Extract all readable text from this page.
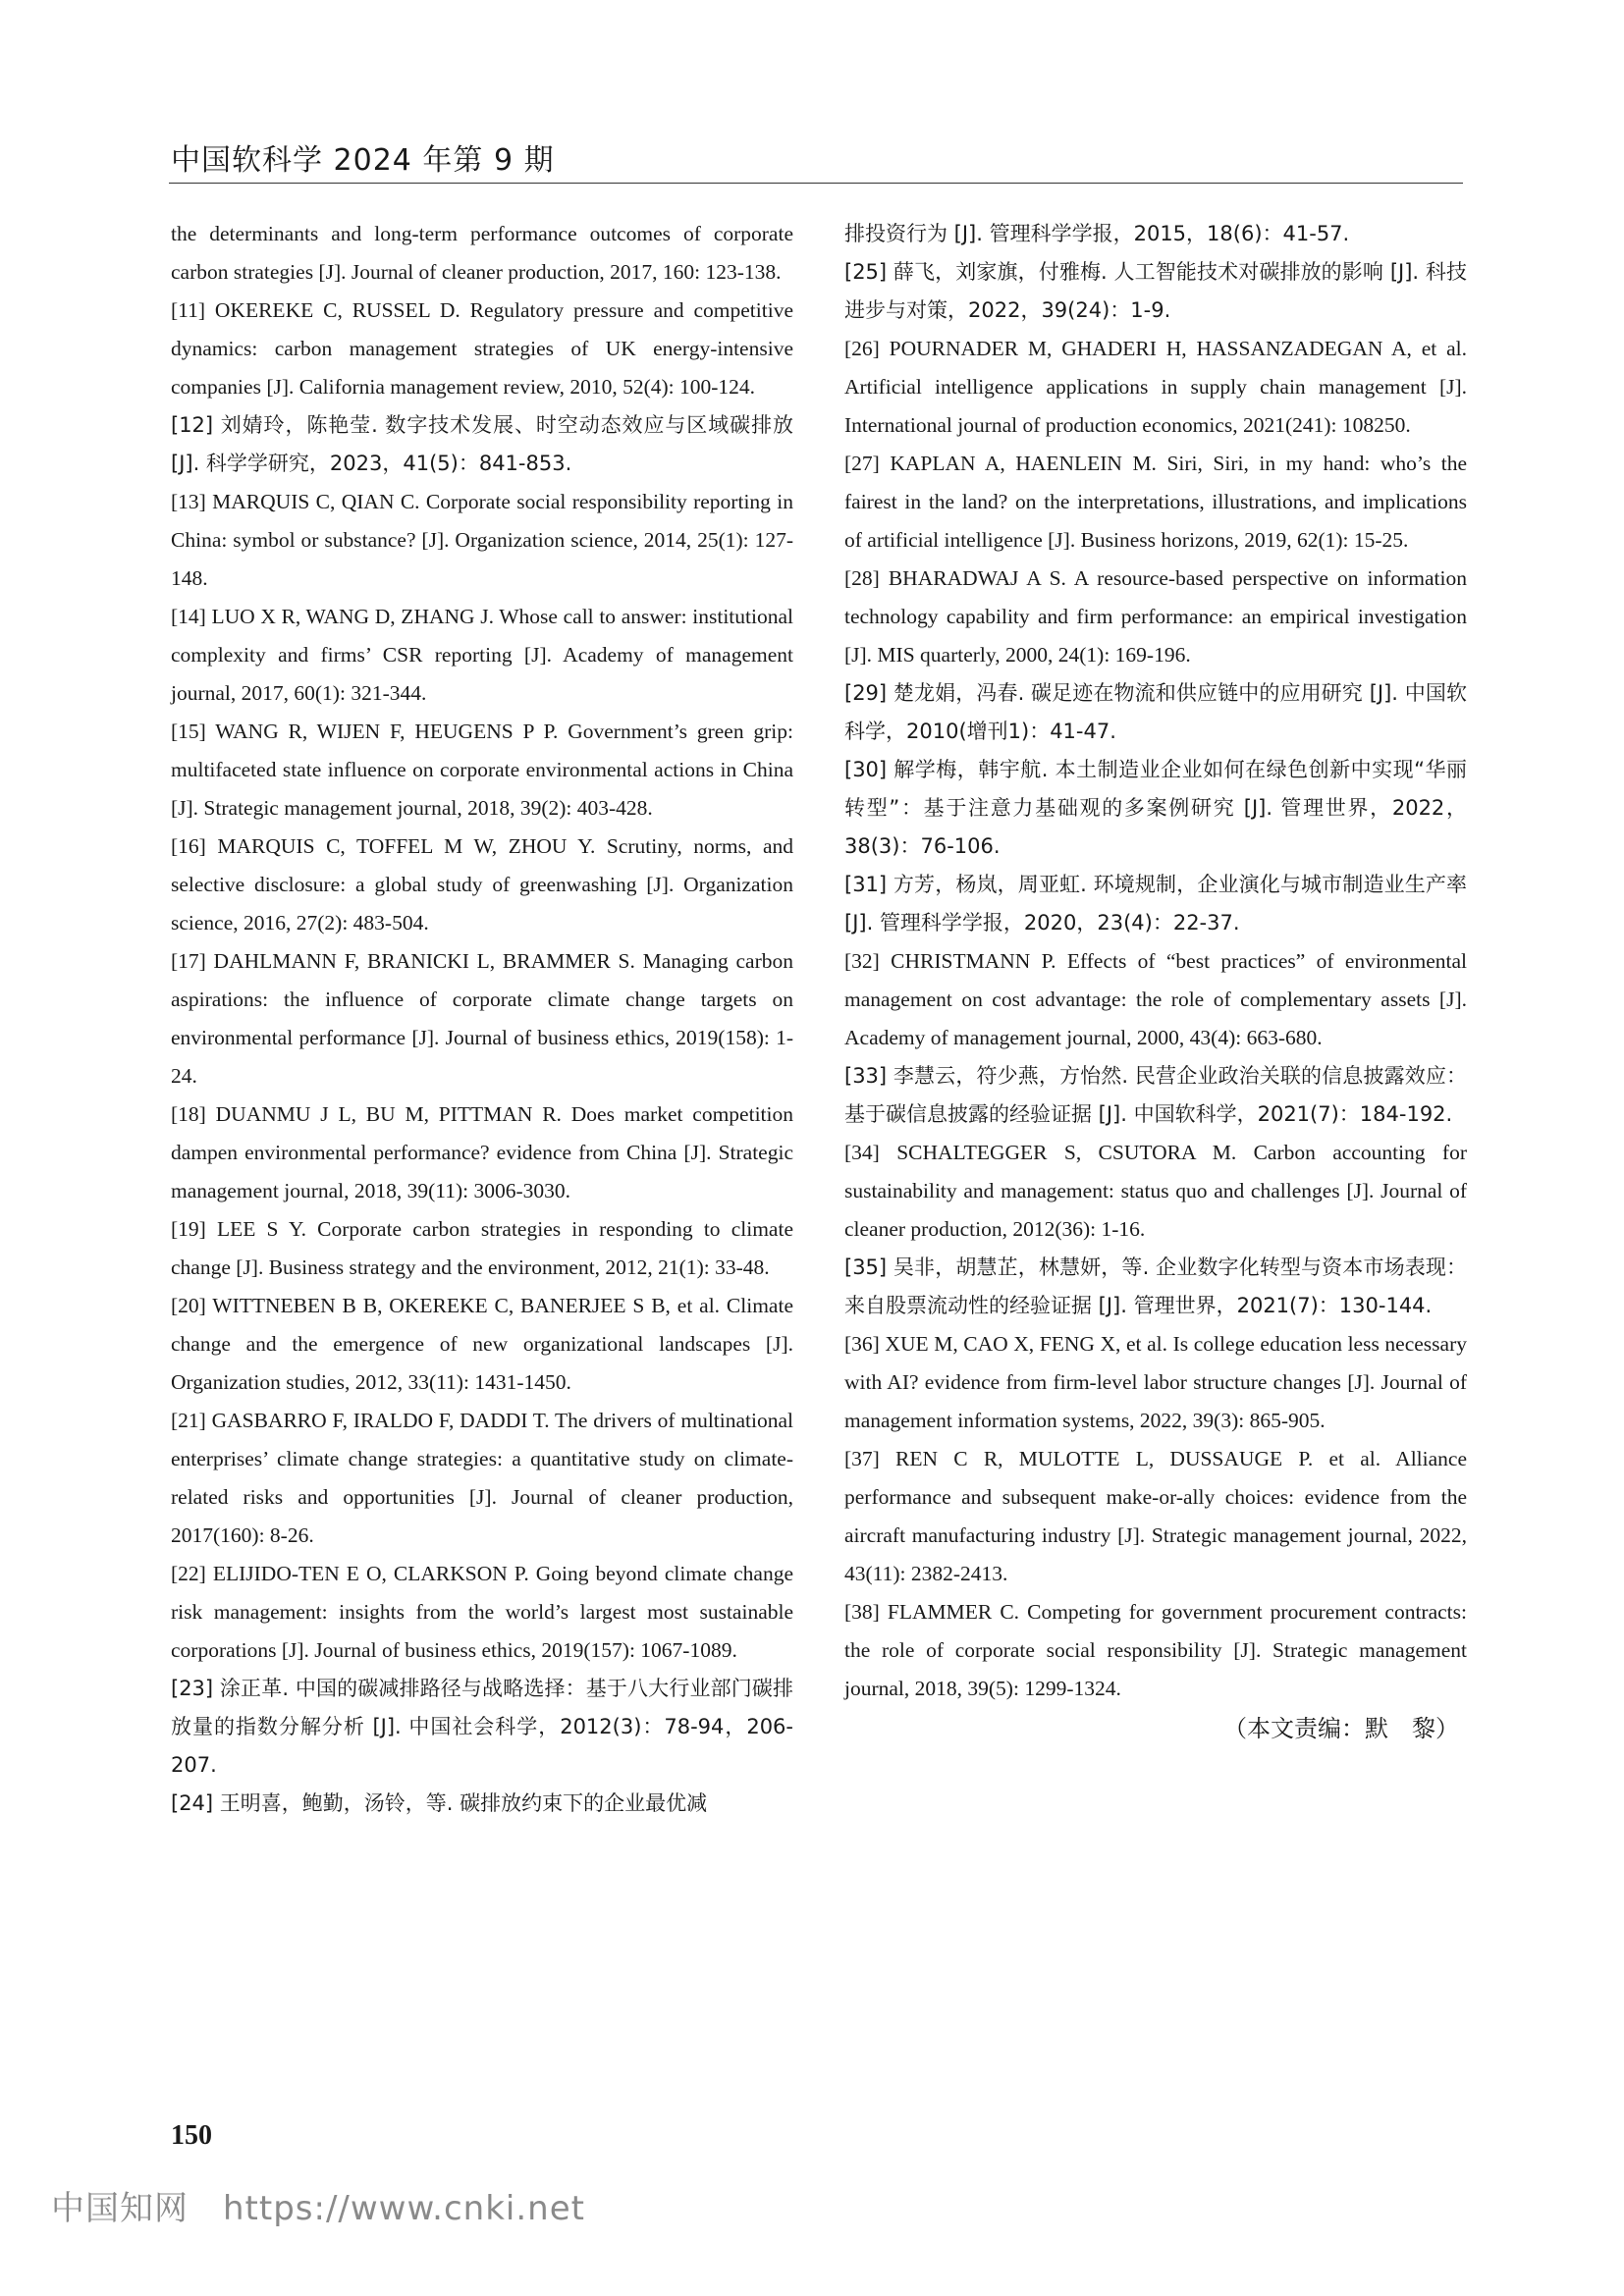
中国软科学 2024 年第 9 期

the determinants and long-term performance outcomes of corporate carbon strategies [J]. Journal of cleaner production, 2017, 160: 123-138.

[11] OKEREKE C, RUSSEL D. Regulatory pressure and competitive dynamics: carbon management strategies of UK energy-intensive companies [J]. California management review, 2010, 52(4): 100-124.

[12] 刘婧玲，陈艳莹. 数字技术发展、时空动态效应与区域碳排放 [J]. 科学学研究，2023，41(5)：841-853.

[13] MARQUIS C, QIAN C. Corporate social responsibility reporting in China: symbol or substance? [J]. Organization science, 2014, 25(1): 127-148.

[14] LUO X R, WANG D, ZHANG J. Whose call to answer: institutional complexity and firms’ CSR reporting [J]. Academy of management journal, 2017, 60(1): 321-344.

[15] WANG R, WIJEN F, HEUGENS P P. Government’s green grip: multifaceted state influence on corporate environmental actions in China [J]. Strategic management journal, 2018, 39(2): 403-428.

[16] MARQUIS C, TOFFEL M W, ZHOU Y. Scrutiny, norms, and selective disclosure: a global study of greenwashing [J]. Organization science, 2016, 27(2): 483-504.

[17] DAHLMANN F, BRANICKI L, BRAMMER S. Managing carbon aspirations: the influence of corporate climate change targets on environmental performance [J]. Journal of business ethics, 2019(158): 1-24.

[18] DUANMU J L, BU M, PITTMAN R. Does market competition dampen environmental performance? evidence from China [J]. Strategic management journal, 2018, 39(11): 3006-3030.

[19] LEE S Y. Corporate carbon strategies in responding to climate change [J]. Business strategy and the environment, 2012, 21(1): 33-48.

[20] WITTNEBEN B B, OKEREKE C, BANERJEE S B, et al. Climate change and the emergence of new organizational landscapes [J]. Organization studies, 2012, 33(11): 1431-1450.

[21] GASBARRO F, IRALDO F, DADDI T. The drivers of multinational enterprises’ climate change strategies: a quantitative study on climate-related risks and opportunities [J]. Journal of cleaner production, 2017(160): 8-26.

[22] ELIJIDO-TEN E O, CLARKSON P. Going beyond climate change risk management: insights from the world’s largest most sustainable corporations [J]. Journal of business ethics, 2019(157): 1067-1089.

[23] 涂正革. 中国的碳减排路径与战略选择：基于八大行业部门碳排放量的指数分解分析 [J]. 中国社会科学，2012(3)：78-94，206-207.

[24] 王明喜，鲍勤，汤铃，等. 碳排放约束下的企业最优减

排投资行为 [J]. 管理科学学报，2015，18(6)：41-57.

[25] 薛飞，刘家旗，付雅梅. 人工智能技术对碳排放的影响 [J]. 科技进步与对策，2022，39(24)：1-9.

[26] POURNADER M, GHADERI H, HASSANZADEGAN A, et al. Artificial intelligence applications in supply chain management [J]. International journal of production economics, 2021(241): 108250.

[27] KAPLAN A, HAENLEIN M. Siri, Siri, in my hand: who’s the fairest in the land? on the interpretations, illustrations, and implications of artificial intelligence [J]. Business horizons, 2019, 62(1): 15-25.

[28] BHARADWAJ A S. A resource-based perspective on information technology capability and firm performance: an empirical investigation [J]. MIS quarterly, 2000, 24(1): 169-196.

[29] 楚龙娟，冯春. 碳足迹在物流和供应链中的应用研究 [J]. 中国软科学，2010(增刊1)：41-47.

[30] 解学梅，韩宇航. 本土制造业企业如何在绿色创新中实现“华丽转型”：基于注意力基础观的多案例研究 [J]. 管理世界，2022，38(3)：76-106.

[31] 方芳，杨岚，周亚虹. 环境规制，企业演化与城市制造业生产率 [J]. 管理科学学报，2020，23(4)：22-37.

[32] CHRISTMANN P. Effects of “best practices” of environmental management on cost advantage: the role of complementary assets [J]. Academy of management journal, 2000, 43(4): 663-680.

[33] 李慧云，符少燕，方怡然. 民营企业政治关联的信息披露效应：基于碳信息披露的经验证据 [J]. 中国软科学，2021(7)：184-192.

[34] SCHALTEGGER S, CSUTORA M. Carbon accounting for sustainability and management: status quo and challenges [J]. Journal of cleaner production, 2012(36): 1-16.

[35] 吴非，胡慧芷，林慧妍，等. 企业数字化转型与资本市场表现：来自股票流动性的经验证据 [J]. 管理世界，2021(7)：130-144.

[36] XUE M, CAO X, FENG X, et al. Is college education less necessary with AI? evidence from firm-level labor structure changes [J]. Journal of management information systems, 2022, 39(3): 865-905.

[37] REN C R, MULOTTE L, DUSSAUGE P. et al. Alliance performance and subsequent make-or-ally choices: evidence from the aircraft manufacturing industry [J]. Strategic management journal, 2022, 43(11): 2382-2413.

[38] FLAMMER C. Competing for government procurement contracts: the role of corporate social responsibility [J]. Strategic management journal, 2018, 39(5): 1299-1324.

（本文责编：默　黎）
150
中国知网　https://www.cnki.net
